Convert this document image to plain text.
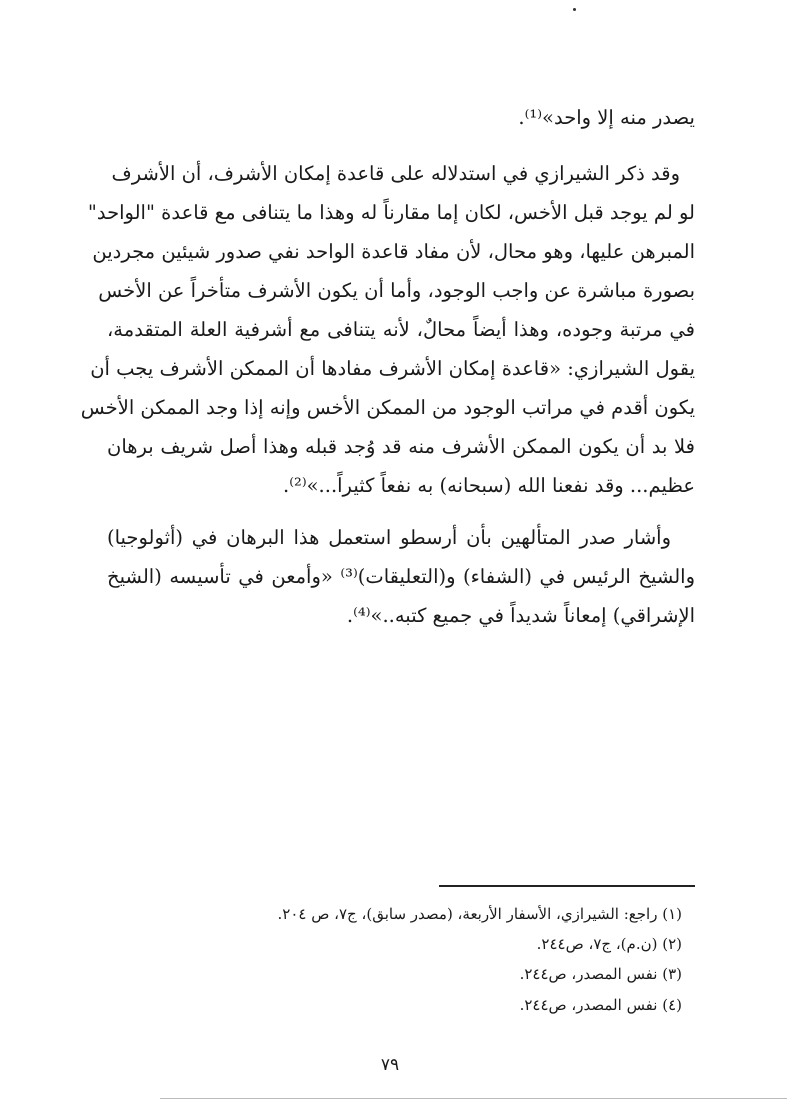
يصدر منه إلا واحد»⁽¹⁾.
وقد ذكر الشيرازي في استدلاله على قاعدة إمكان الأشرف، أن الأشرف
لو لم يوجد قبل الأخس، لكان إما مقارناً له وهذا ما يتنافى مع قاعدة "الواحد"
المبرهن عليها، وهو محال، لأن مفاد قاعدة الواحد نفي صدور شيئين مجردين
بصورة مباشرة عن واجب الوجود، وأما أن يكون الأشرف متأخراً عن الأخس
في مرتبة وجوده، وهذا أيضاً محالٌ، لأنه يتنافى مع أشرفية العلة المتقدمة،
يقول الشيرازي: «قاعدة إمكان الأشرف مفادها أن الممكن الأشرف يجب أن
يكون أقدم في مراتب الوجود من الممكن الأخس وإنه إذا وجد الممكن الأخس
فلا بد أن يكون الممكن الأشرف منه قد وُجد قبله وهذا أصل شريف برهان
عظيم... وقد نفعنا الله (سبحانه) به نفعاً كثيراً...»⁽²⁾.
وأشار صدر المتألهين بأن أرسطو استعمل هذا البرهان في (أثولوجيا)
والشيخ الرئيس في (الشفاء) و(التعليقات)⁽³⁾ «وأمعن في تأسيسه (الشيخ
الإشراقي) إمعاناً شديداً في جميع كتبه..»⁽⁴⁾.
(١) راجع: الشيرازي، الأسفار الأربعة، (مصدر سابق)، ج٧، ص ٢٠٤.
(٢) (ن.م)، ج٧، ص٢٤٤.
(٣) نفس المصدر، ص٢٤٤.
(٤) نفس المصدر، ص٢٤٤.
٧٩
